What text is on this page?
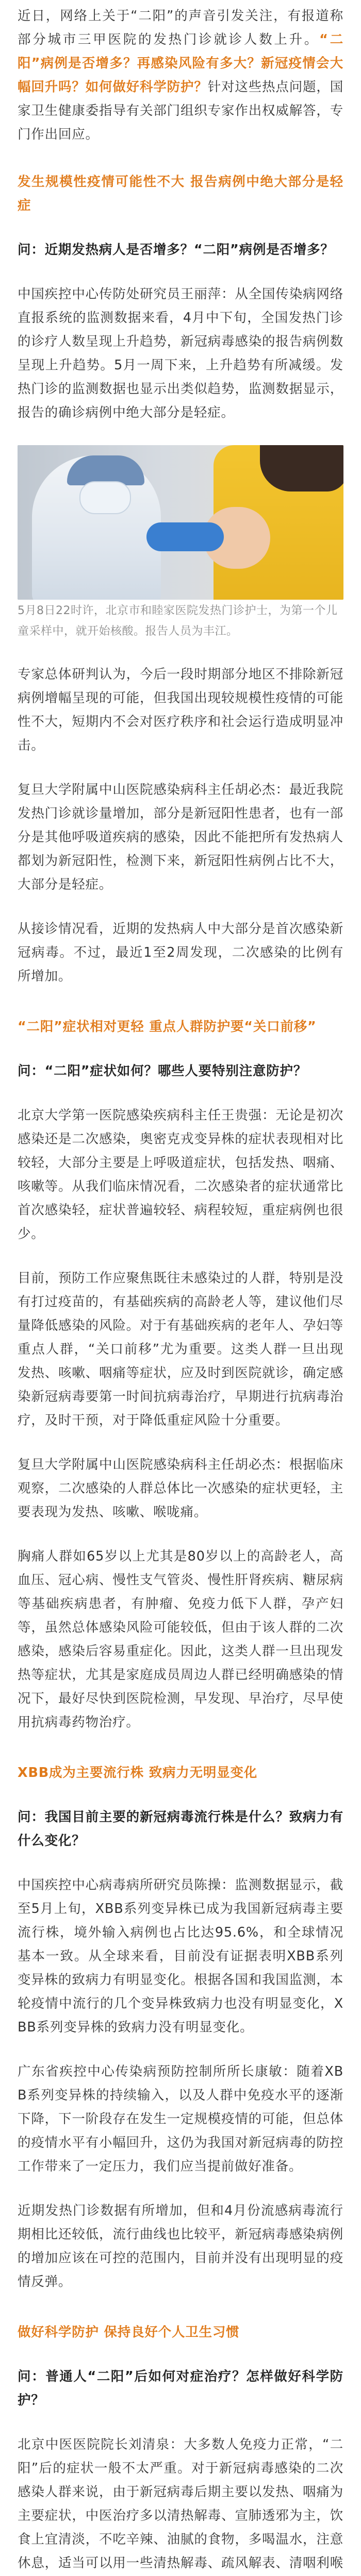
近日，网络上关于“二阳”的声音引发关注，有报道称部分城市三甲医院的发热门诊就诊人数上升。“二阳”病例是否增多？再感染风险有多大？新冠疫情会大幅回升吗？如何做好科学防护？针对这些热点问题，国家卫生健康委指导有关部门组织专家作出权威解答，专门作出回应。

发生规模性疫情可能性不大 报告病例中绝大部分是轻症

问：近期发热病人是否增多？“二阳”病例是否增多？

中国疾控中心传防处研究员王丽萍：从全国传染病网络直报系统的监测数据来看，4月中下旬，全国发热门诊的诊疗人数呈现上升趋势，新冠病毒感染的报告病例数呈现上升趋势。5月一周下来，上升趋势有所减缓。发热门诊的监测数据也显示出类似趋势，监测数据显示，报告的确诊病例中绝大部分是轻症。

5月8日22时许，北京市和睦家医院发热门诊护士，为第一个儿童采样中，就开始核酸。报告人员为丰江。

专家总体研判认为，今后一段时期部分地区不排除新冠病例增幅呈现的可能，但我国出现较规模性疫情的可能性不大，短期内不会对医疗秩序和社会运行造成明显冲击。

复旦大学附属中山医院感染病科主任胡必杰：最近我院发热门诊就诊量增加，部分是新冠阳性患者，也有一部分是其他呼吸道疾病的感染，因此不能把所有发热病人都划为新冠阳性，检测下来，新冠阳性病例占比不大，大部分是轻症。

从接诊情况看，近期的发热病人中大部分是首次感染新冠病毒。不过，最近1至2周发现，二次感染的比例有所增加。

“二阳”症状相对更轻 重点人群防护要“关口前移”

问：“二阳”症状如何？哪些人要特别注意防护？

北京大学第一医院感染疾病科主任王贵强：无论是初次感染还是二次感染，奥密克戎变异株的症状表现相对比较轻，大部分主要是上呼吸道症状，包括发热、咽痛、咳嗽等。从我们临床情况看，二次感染者的症状通常比首次感染轻，症状普遍较轻、病程较短，重症病例也很少。

目前，预防工作应聚焦既往未感染过的人群，特别是没有打过疫苗的，有基础疾病的高龄老人等，建议他们尽量降低感染的风险。对于有基础疾病的老年人、孕妇等重点人群，“关口前移”尤为重要。这类人群一旦出现发热、咳嗽、咽痛等症状，应及时到医院就诊，确定感染新冠病毒要第一时间抗病毒治疗，早期进行抗病毒治疗，及时干预，对于降低重症风险十分重要。

复旦大学附属中山医院感染病科主任胡必杰：根据临床观察，二次感染的人群总体比一次感染的症状更轻，主要表现为发热、咳嗽、喉咙痛。

胸痛人群如65岁以上尤其是80岁以上的高龄老人，高血压、冠心病、慢性支气管炎、慢性肝肾疾病、糖尿病等基础疾病患者，有肿瘤、免疫力低下人群，孕产妇等，虽然总体感染风险可能较低，但由于该人群的二次感染，感染后容易重症化。因此，这类人群一旦出现发热等症状，尤其是家庭成员周边人群已经明确感染的情况下，最好尽快到医院检测，早发现、早治疗，尽早使用抗病毒药物治疗。

XBB成为主要流行株 致病力无明显变化

问：我国目前主要的新冠病毒流行株是什么？致病力有什么变化？

中国疾控中心病毒病所研究员陈操：监测数据显示，截至5月上旬，XBB系列变异株已成为我国新冠病毒主要流行株，境外输入病例也占比达95.6%，和全球情况基本一致。从全球来看，目前没有证据表明XBB系列变异株的致病力有明显变化。根据各国和我国监测，本轮疫情中流行的几个变异株致病力也没有明显变化，XBB系列变异株的致病力没有明显变化。

广东省疾控中心传染病预防控制所所长康敏：随着XBB系列变异株的持续输入，以及人群中免疫水平的逐渐下降，下一阶段存在发生一定规模疫情的可能，但总体的疫情水平有小幅回升，这仍为我国对新冠病毒的防控工作带来了一定压力，我们应当提前做好准备。

近期发热门诊数据有所增加，但和4月份流感病毒流行期相比还较低，流行曲线也比较平，新冠病毒感染病例的增加应该在可控的范围内，目前并没有出现明显的疫情反弹。

做好科学防护 保持良好个人卫生习惯

问：普通人“二阳”后如何对症治疗？怎样做好科学防护？

北京中医医院院长刘清泉：大多数人免疫力正常，“二阳”后的症状一般不太严重。对于新冠病毒感染的二次感染人群来说，由于新冠病毒后期主要以发热、咽痛为主要症状，中医治疗多以清热解毒、宣肺透邪为主，饮食上宜清淡，不吃辛辣、油腻的食物，多喝温水，注意休息，适当可以用一些清热解毒、疏风解表、清咽利喉
